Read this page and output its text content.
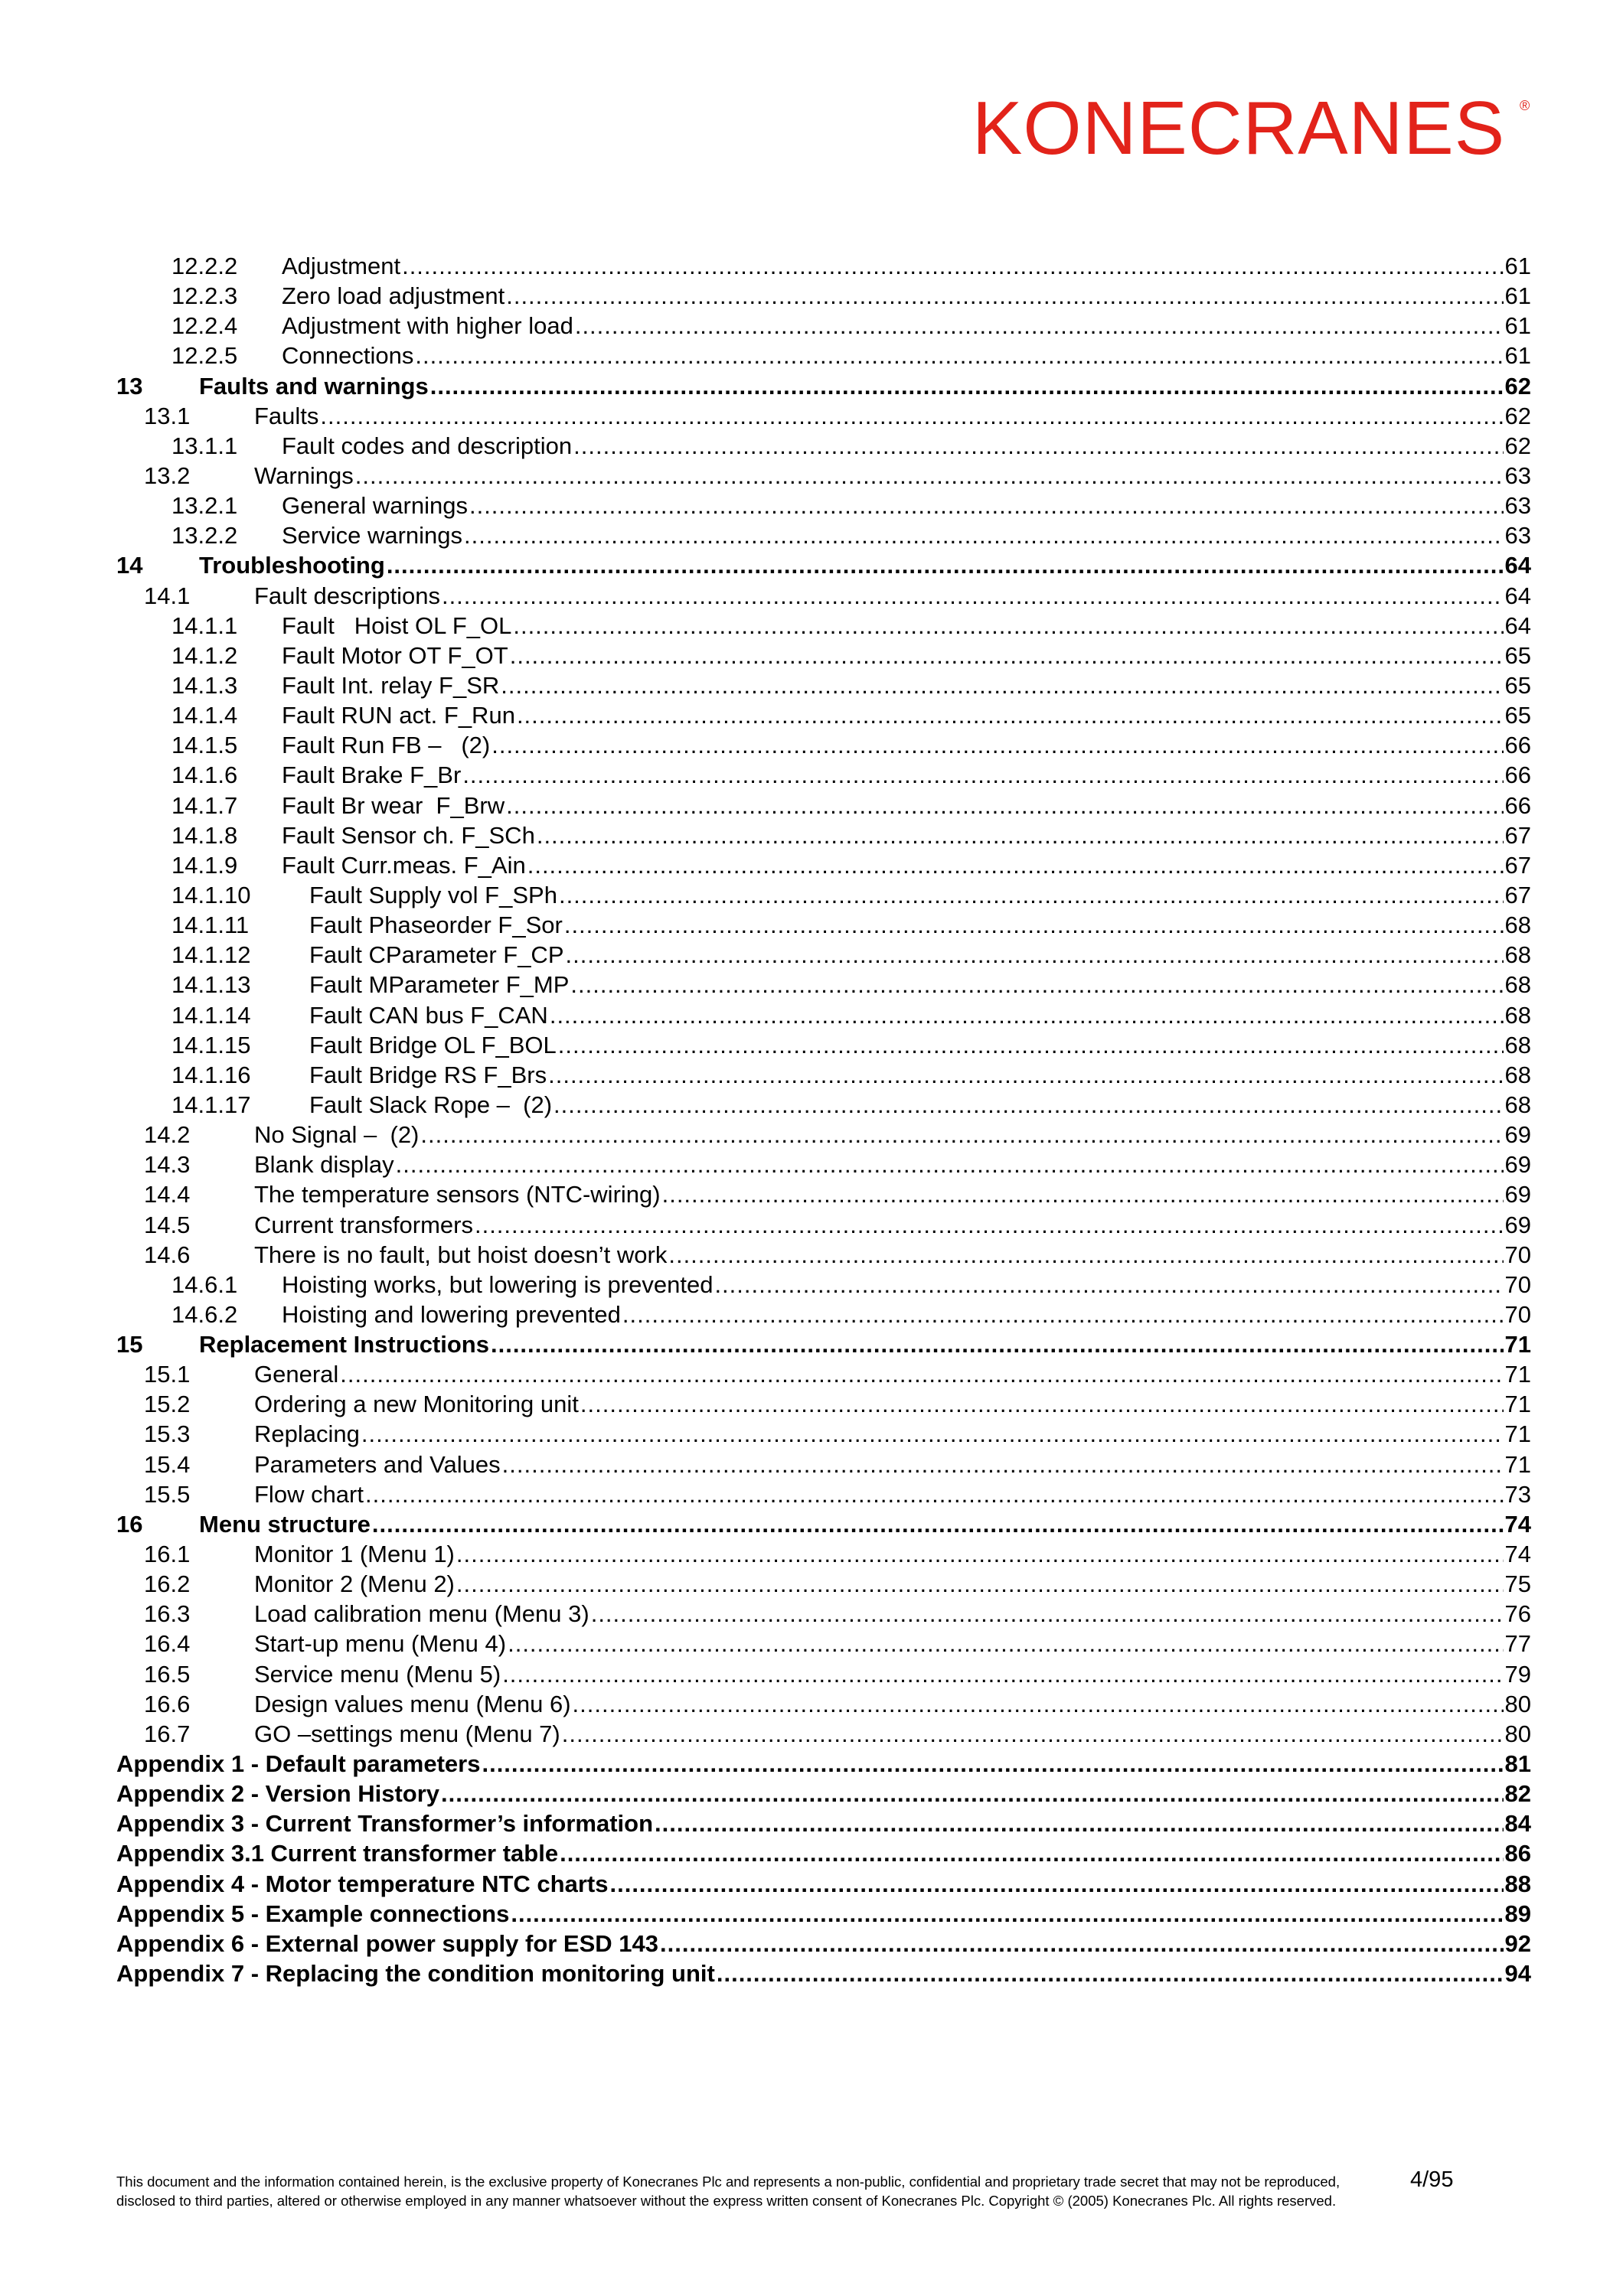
KONECRANES ®
12.2.2	Adjustment .....	61
12.2.3	Zero load adjustment .....	61
12.2.4	Adjustment with higher load .....	61
12.2.5	Connections .....	61
13	Faults and warnings .....	62
13.1	Faults .....	62
13.1.1	Fault codes and description .....	62
13.2	Warnings .....	63
13.2.1	General warnings .....	63
13.2.2	Service warnings .....	63
14	Troubleshooting .....	64
14.1	Fault descriptions .....	64
14.1.1	Fault   Hoist OL F_OL .....	64
14.1.2	Fault Motor OT F_OT .....	65
14.1.3	Fault Int. relay F_SR .....	65
14.1.4	Fault RUN act. F_Run .....	65
14.1.5	Fault Run FB –   (2) .....	66
14.1.6	Fault Brake F_Br .....	66
14.1.7	Fault Br wear  F_Brw .....	66
14.1.8	Fault Sensor ch. F_SCh .....	67
14.1.9	Fault Curr.meas. F_Ain .....	67
14.1.10	Fault Supply vol F_SPh .....	67
14.1.11	Fault Phaseorder F_Sor .....	68
14.1.12	Fault CParameter F_CP .....	68
14.1.13	Fault MParameter F_MP .....	68
14.1.14	Fault CAN bus F_CAN .....	68
14.1.15	Fault Bridge OL F_BOL .....	68
14.1.16	Fault Bridge RS F_Brs .....	68
14.1.17	Fault Slack Rope –  (2) .....	68
14.2	No Signal –  (2) .....	69
14.3	Blank display .....	69
14.4	The temperature sensors (NTC-wiring) .....	69
14.5	Current transformers .....	69
14.6	There is no fault, but hoist doesn’t work .....	70
14.6.1	Hoisting works, but lowering is prevented .....	70
14.6.2	Hoisting and lowering prevented .....	70
15	Replacement Instructions .....	71
15.1	General .....	71
15.2	Ordering a new Monitoring unit .....	71
15.3	Replacing .....	71
15.4	Parameters and Values .....	71
15.5	Flow chart .....	73
16	Menu structure .....	74
16.1	Monitor 1 (Menu 1) .....	74
16.2	Monitor 2 (Menu 2) .....	75
16.3	Load calibration menu (Menu 3) .....	76
16.4	Start-up menu (Menu 4) .....	77
16.5	Service menu (Menu 5) .....	79
16.6	Design values menu (Menu 6) .....	80
16.7	GO –settings menu (Menu 7) .....	80
Appendix 1 - Default parameters .....	81
Appendix 2 - Version History .....	82
Appendix 3 - Current Transformer’s information .....	84
Appendix 3.1 Current transformer table .....	86
Appendix 4 - Motor temperature NTC charts .....	88
Appendix 5 - Example connections .....	89
Appendix 6 - External power supply for ESD 143 .....	92
Appendix 7 - Replacing the condition monitoring unit .....	94
This document and the information contained herein, is the exclusive property of Konecranes Plc and represents a non-public, confidential and proprietary trade secret that may not be reproduced, disclosed to third parties, altered or otherwise employed in any manner whatsoever without the express written consent of Konecranes Plc. Copyright © (2005) Konecranes Plc. All rights reserved.
4/95
